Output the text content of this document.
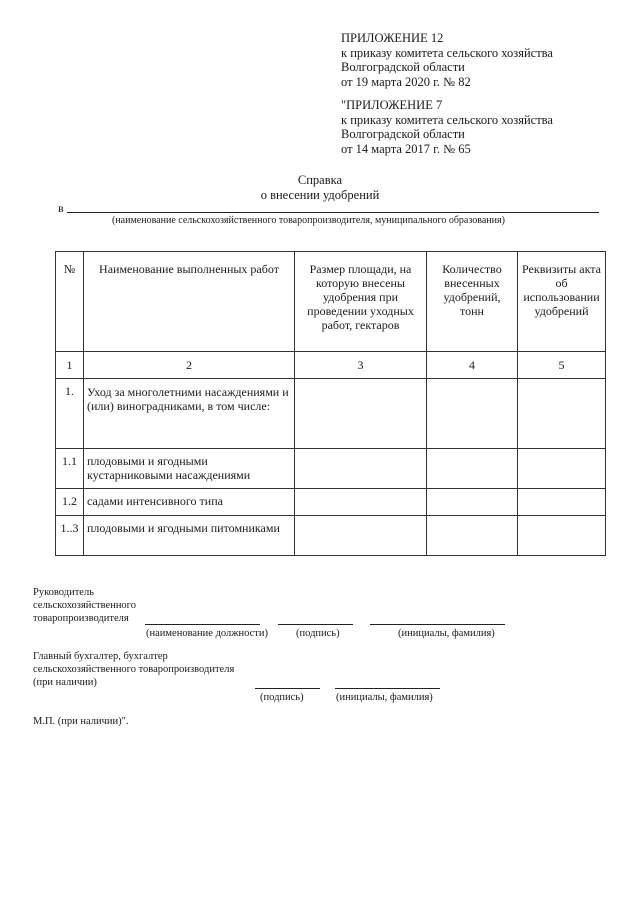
ПРИЛОЖЕНИЕ 12
к приказу комитета сельского хозяйства
Волгоградской области
от 19 марта 2020 г. № 82
"ПРИЛОЖЕНИЕ 7
к приказу комитета сельского хозяйства
Волгоградской области
от 14 марта 2017 г. № 65
Справка
о внесении удобрений
в
(наименование сельскохозяйственного товаропроизводителя, муниципального образования)
№	Наименование выполненных работ	Размер площади, на которую внесены удобрения при проведении уходных работ, гектаров	Количество внесенных удобрений, тонн	Реквизиты акта об использовании удобрений
1	2	3	4	5
1.	Уход за многолетними насаждениями и (или) виноградниками, в том числе:			
1.1	плодовыми и ягодными кустарниковыми насаждениями			
1.2	садами интенсивного типа			
1..3	плодовыми и ягодными питомниками			
Руководитель
сельскохозяйственного
товаропроизводителя
(наименование должности)	(подпись)	(инициалы, фамилия)
Главный бухгалтер, бухгалтер
сельскохозяйственного товаропроизводителя
(при наличии)
(подпись)	(инициалы, фамилия)
М.П. (при наличии)".
